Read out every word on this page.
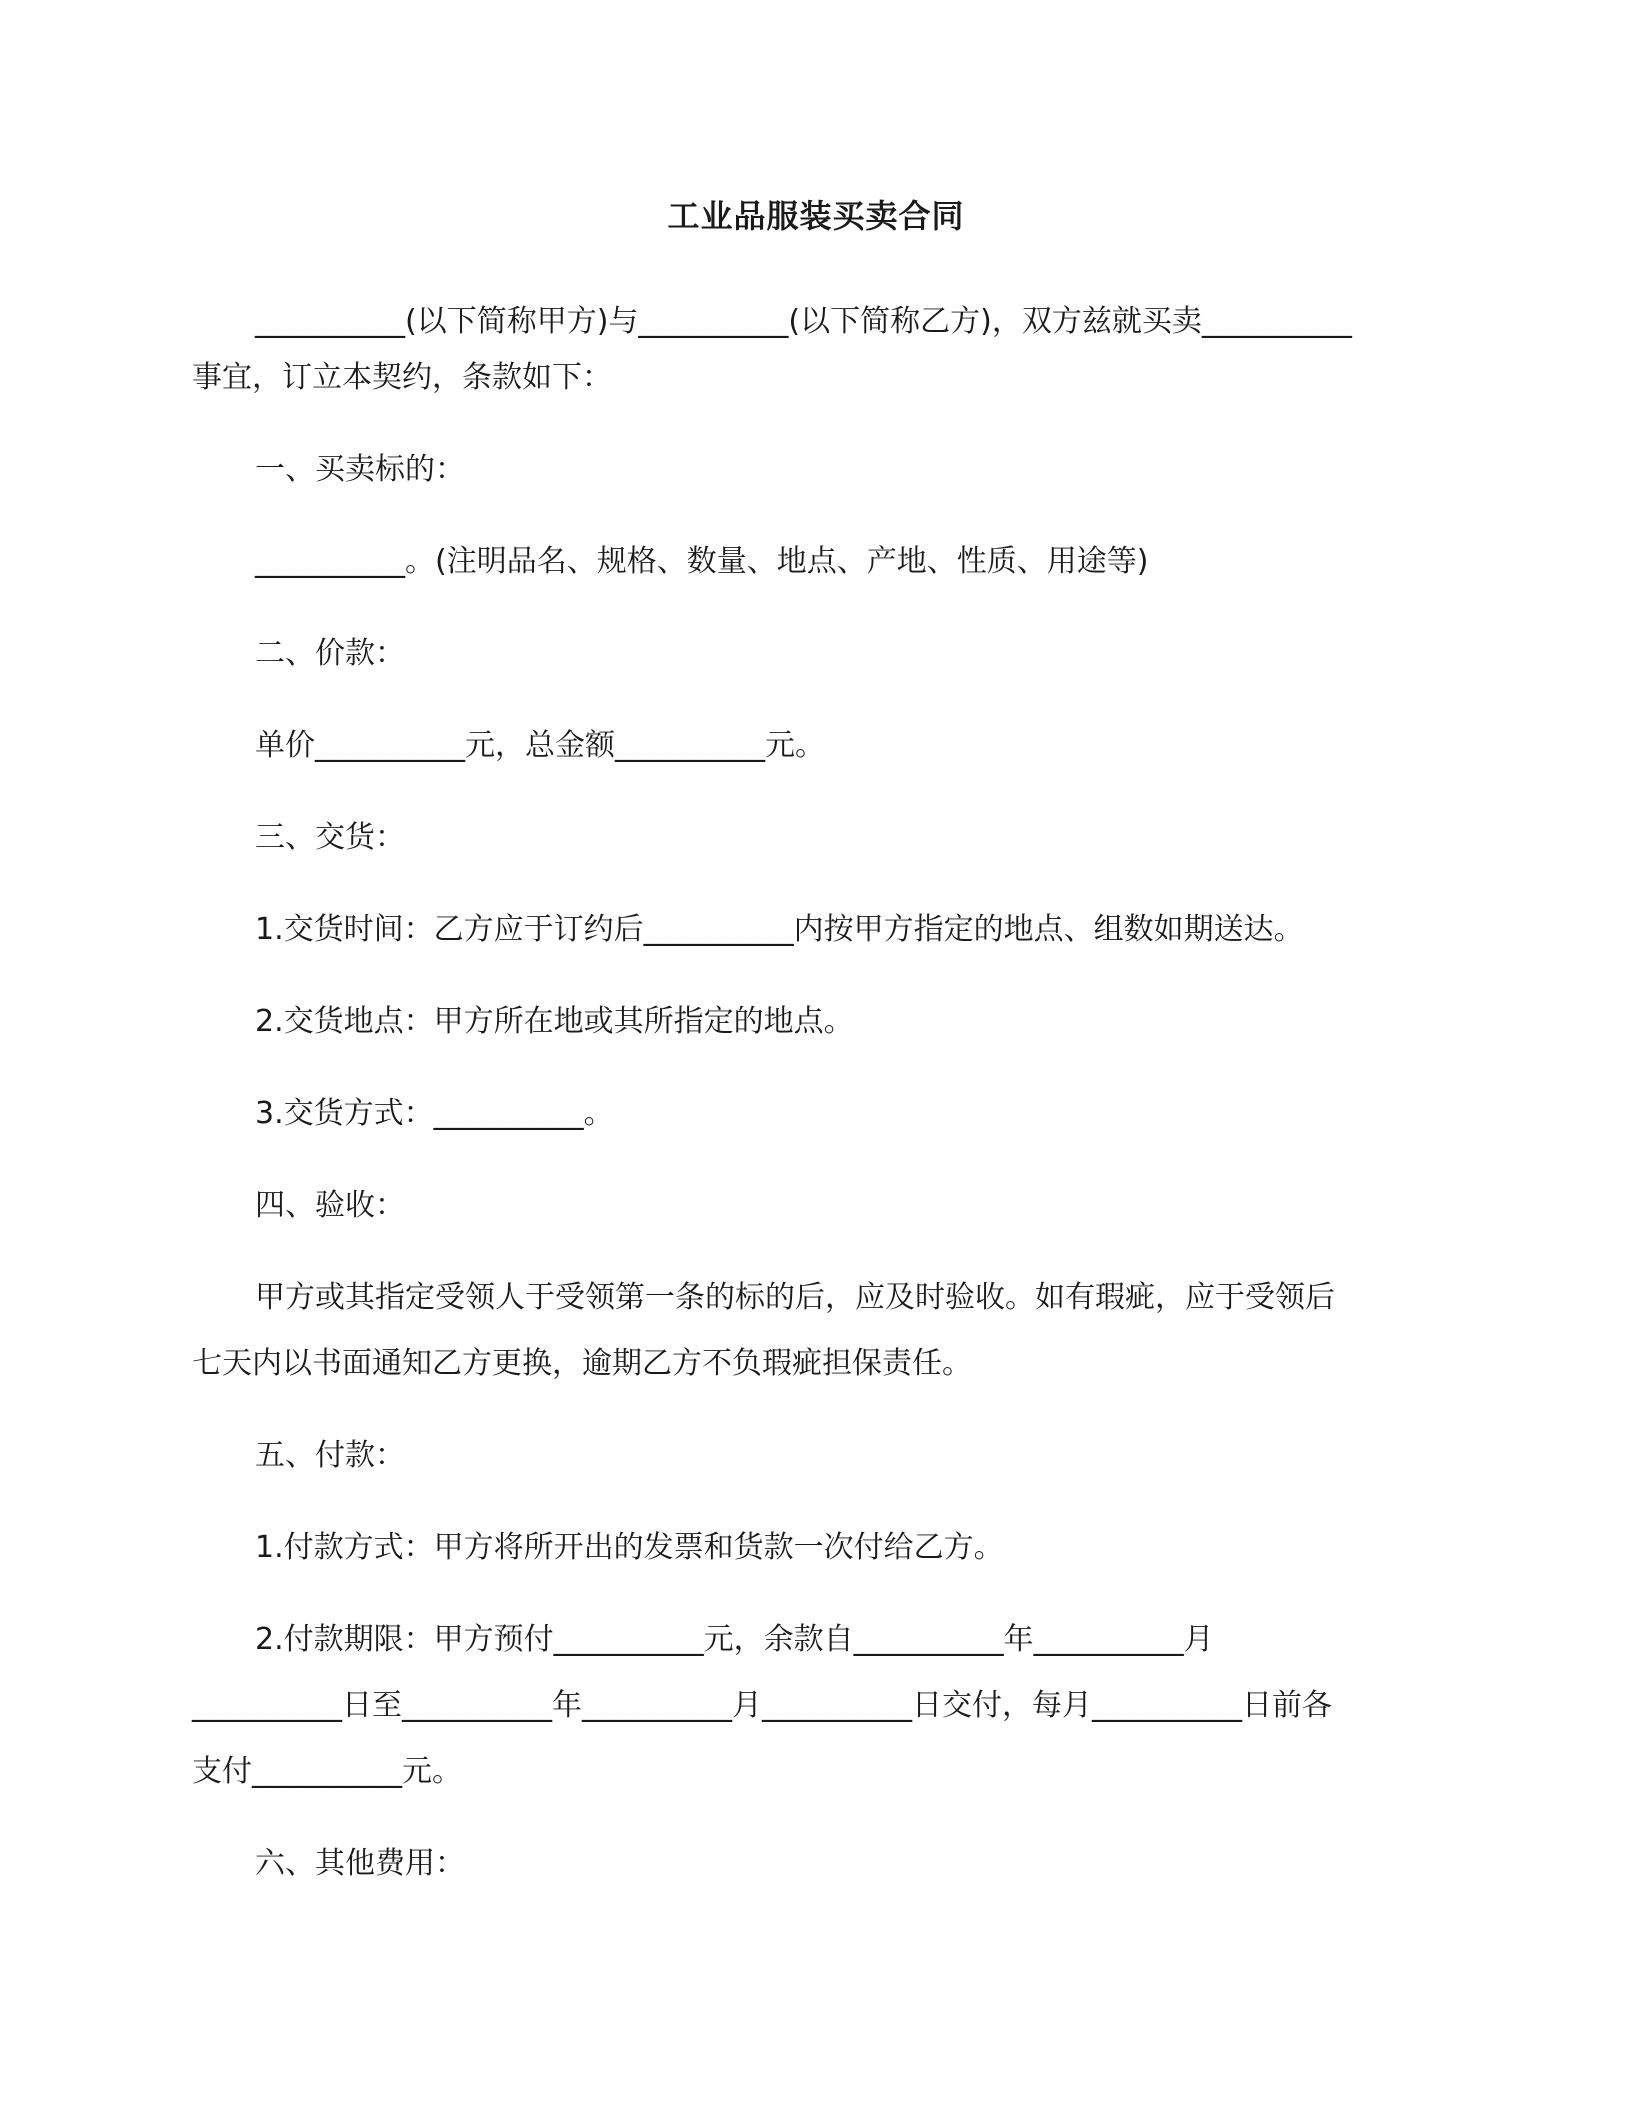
工业品服装买卖合同
__________(以下简称甲方)与__________(以下简称乙方)，双方兹就买卖__________
事宜，订立本契约，条款如下：
一、买卖标的：
__________。(注明品名、规格、数量、地点、产地、性质、用途等)
二、价款：
单价__________元，总金额__________元。
三、交货：
1.交货时间：乙方应于订约后__________内按甲方指定的地点、组数如期送达。
2.交货地点：甲方所在地或其所指定的地点。
3.交货方式：__________。
四、验收：
甲方或其指定受领人于受领第一条的标的后，应及时验收。如有瑕疵，应于受领后
七天内以书面通知乙方更换，逾期乙方不负瑕疵担保责任。
五、付款：
1.付款方式：甲方将所开出的发票和货款一次付给乙方。
2.付款期限：甲方预付__________元，余款自__________年__________月
__________日至__________年__________月__________日交付，每月__________日前各
支付__________元。
六、其他费用：
